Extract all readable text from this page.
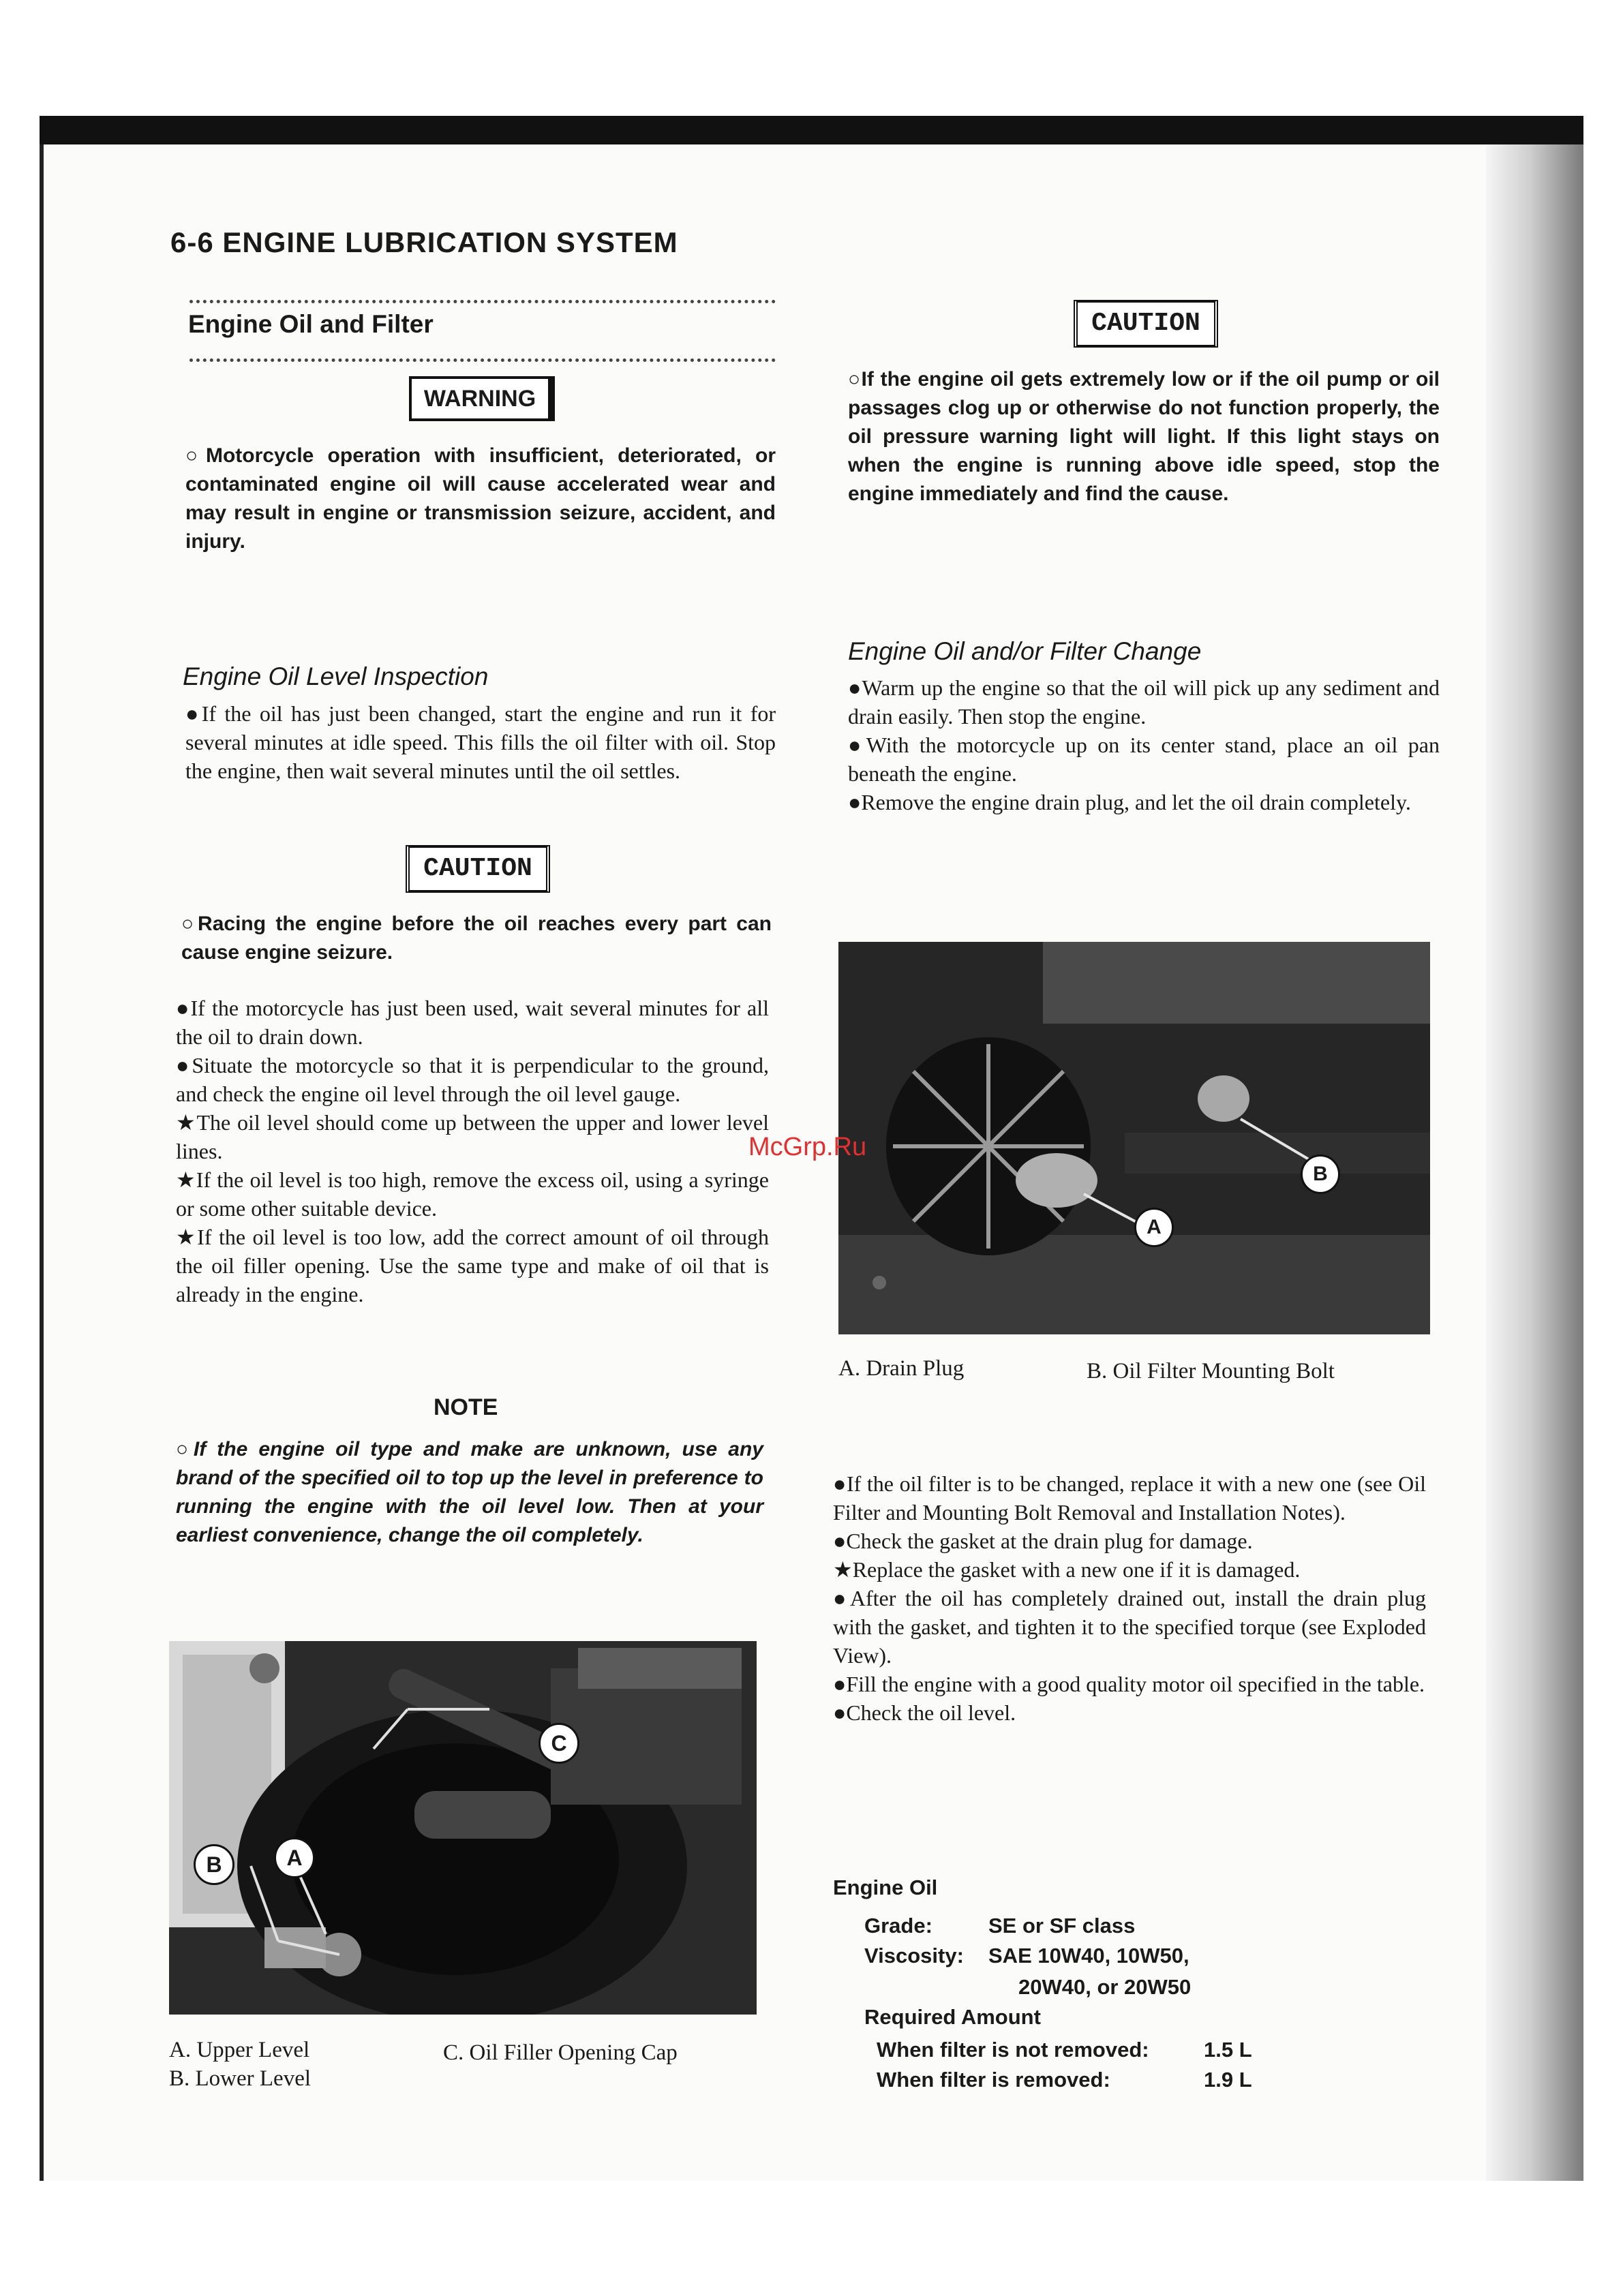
6-6 ENGINE LUBRICATION SYSTEM
Engine Oil and Filter
WARNING
○Motorcycle operation with insufficient, deteriorated, or contaminated engine oil will cause accelerated wear and may result in engine or transmission seizure, accident, and injury.
Engine Oil Level Inspection
●If the oil has just been changed, start the engine and run it for several minutes at idle speed. This fills the oil filter with oil. Stop the engine, then wait several minutes until the oil settles.
CAUTION
○Racing the engine before the oil reaches every part can cause engine seizure.
●If the motorcycle has just been used, wait several minutes for all the oil to drain down.
●Situate the motorcycle so that it is perpendicular to the ground, and check the engine oil level through the oil level gauge.
★The oil level should come up between the upper and lower level lines.
★If the oil level is too high, remove the excess oil, using a syringe or some other suitable device.
★If the oil level is too low, add the correct amount of oil through the oil filler opening. Use the same type and make of oil that is already in the engine.
NOTE
○If the engine oil type and make are unknown, use any brand of the specified oil to top up the level in preference to running the engine with the oil level low. Then at your earliest convenience, change the oil completely.
B	A
C
A. Upper Level
B. Lower Level
C. Oil Filler Opening Cap
CAUTION
○If the engine oil gets extremely low or if the oil pump or oil passages clog up or otherwise do not function properly, the oil pressure warning light will light. If this light stays on when the engine is running above idle speed, stop the engine immediately and find the cause.
Engine Oil and/or Filter Change
●Warm up the engine so that the oil will pick up any sediment and drain easily. Then stop the engine.
●With the motorcycle up on its center stand, place an oil pan beneath the engine.
●Remove the engine drain plug, and let the oil drain completely.
A
B
A. Drain Plug	B. Oil Filter Mounting Bolt
●If the oil filter is to be changed, replace it with a new one (see Oil Filter and Mounting Bolt Removal and Installation Notes).
●Check the gasket at the drain plug for damage.
★Replace the gasket with a new one if it is damaged.
●After the oil has completely drained out, install the drain plug with the gasket, and tighten it to the specified torque (see Exploded View).
●Fill the engine with a good quality motor oil specified in the table.
●Check the oil level.
Engine Oil
Grade:	SE or SF class
Viscosity: SAE 10W40, 10W50,
20W40, or 20W50
Required Amount
When filter is not removed:	1.5 L
When filter is removed:	1.9 L
McGrp.Ru
